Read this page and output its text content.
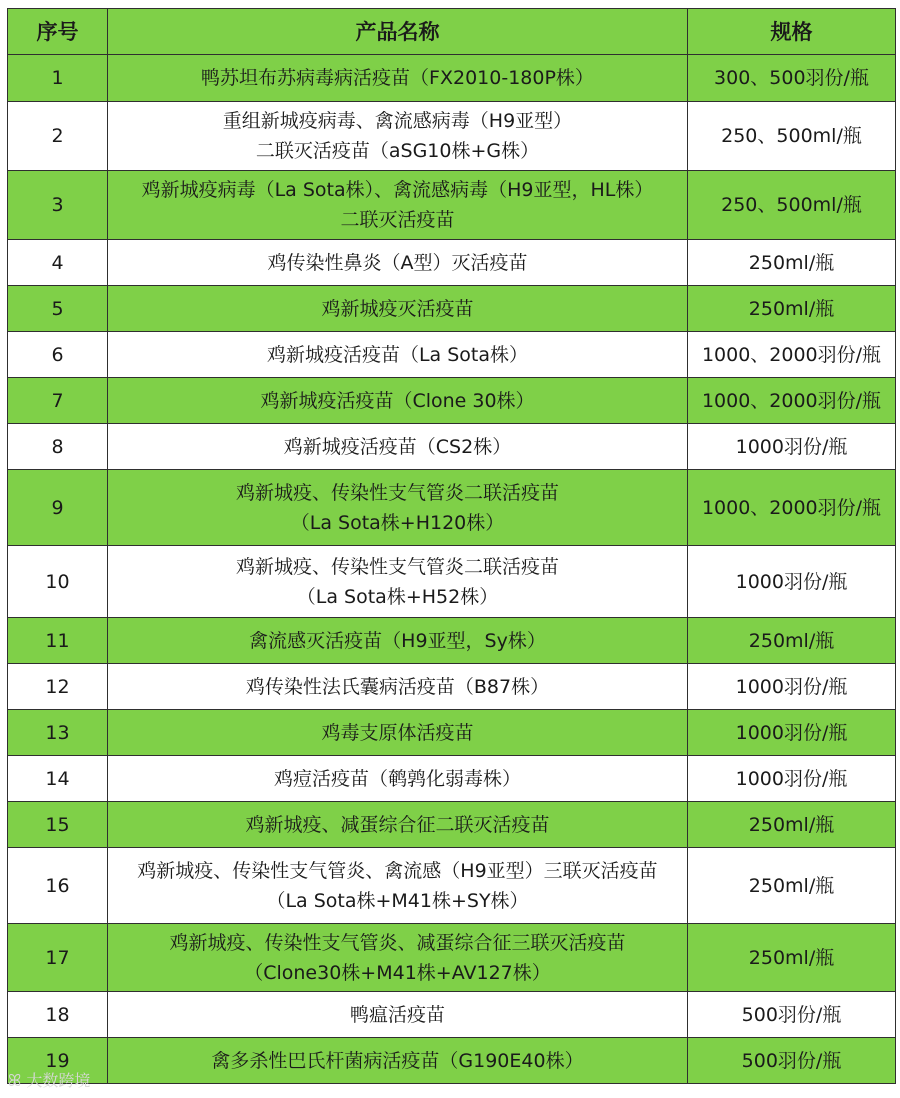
序号	产品名称	规格
1	鸭苏坦布苏病毒病活疫苗（FX2010-180P株）	300、500羽份/瓶
2	重组新城疫病毒、禽流感病毒（H9亚型）
二联灭活疫苗（aSG10株+G株）	250、500ml/瓶
3	鸡新城疫病毒（La Sota株）、禽流感病毒（H9亚型，HL株）
二联灭活疫苗	250、500ml/瓶
4	鸡传染性鼻炎（A型）灭活疫苗	250ml/瓶
5	鸡新城疫灭活疫苗	250ml/瓶
6	鸡新城疫活疫苗（La Sota株）	1000、2000羽份/瓶
7	鸡新城疫活疫苗（Clone 30株）	1000、2000羽份/瓶
8	鸡新城疫活疫苗（CS2株）	1000羽份/瓶
9	鸡新城疫、传染性支气管炎二联活疫苗
（La Sota株+H120株）	1000、2000羽份/瓶
10	鸡新城疫、传染性支气管炎二联活疫苗
（La Sota株+H52株）	1000羽份/瓶
11	禽流感灭活疫苗（H9亚型，Sy株）	250ml/瓶
12	鸡传染性法氏囊病活疫苗（B87株）	1000羽份/瓶
13	鸡毒支原体活疫苗	1000羽份/瓶
14	鸡痘活疫苗（鹌鹑化弱毒株）	1000羽份/瓶
15	鸡新城疫、减蛋综合征二联灭活疫苗	250ml/瓶
16	鸡新城疫、传染性支气管炎、禽流感（H9亚型）三联灭活疫苗
（La Sota株+M41株+SY株）	250ml/瓶
17	鸡新城疫、传染性支气管炎、减蛋综合征三联灭活疫苗
（Clone30株+M41株+AV127株）	250ml/瓶
18	鸭瘟活疫苗	500羽份/瓶
19	禽多杀性巴氏杆菌病活疫苗（G190E40株）	500羽份/瓶
ꕤ 大数跨境
